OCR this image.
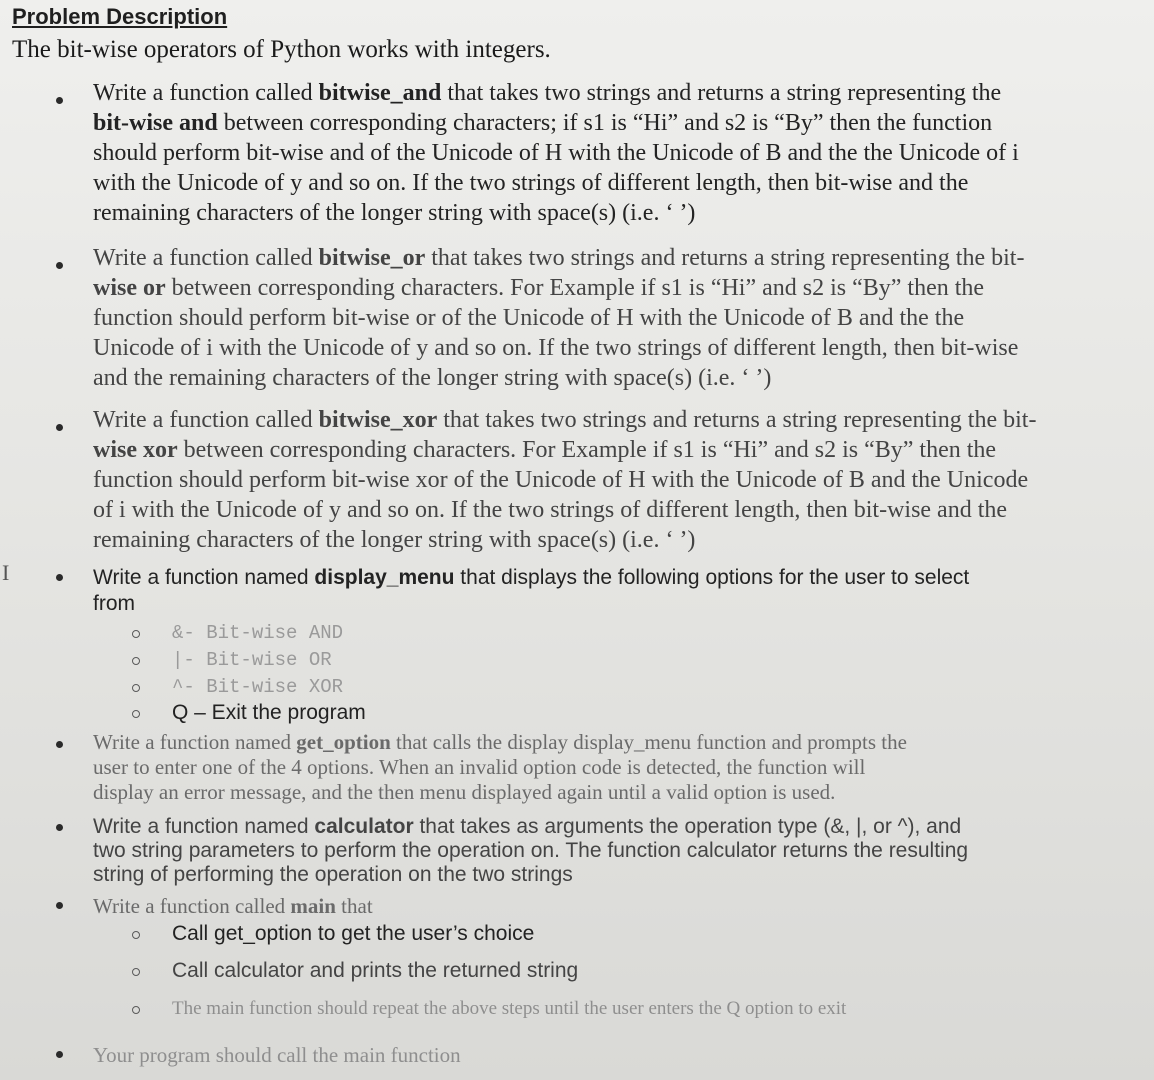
Problem Description
The bit-wise operators of Python works with integers.
I
Write a function called bitwise_and that takes two strings and returns a string representing the
bit-wise and between corresponding characters; if s1 is “Hi” and s2 is “By” then the function
should perform bit-wise and of the Unicode of H with the Unicode of B and the the Unicode of i
with the Unicode of y and so on. If the two strings of different length, then bit-wise and the
remaining characters of the longer string with space(s) (i.e. ‘ ’)
Write a function called bitwise_or that takes two strings and returns a string representing the bit-
wise or between corresponding characters. For Example if s1 is “Hi” and s2 is “By” then the
function should perform bit-wise or of the Unicode of H with the Unicode of B and the the
Unicode of i with the Unicode of y and so on. If the two strings of different length, then bit-wise
and the remaining characters of the longer string with space(s) (i.e. ‘ ’)
Write a function called bitwise_xor that takes two strings and returns a string representing the bit-
wise xor between corresponding characters. For Example if s1 is “Hi” and s2 is “By” then the
function should perform bit-wise xor of the Unicode of H with the Unicode of B and the Unicode
of i with the Unicode of y and so on. If the two strings of different length, then bit-wise and the
remaining characters of the longer string with space(s) (i.e. ‘ ’)
Write a function named display_menu that displays the following options for the user to select
from
&- Bit-wise AND
|- Bit-wise OR
^- Bit-wise XOR
Q – Exit the program
Write a function named get_option that calls the display display_menu function and prompts the
user to enter one of the 4 options. When an invalid option code is detected, the function will
display an error message, and the then menu displayed again until a valid option is used.
Write a function named calculator that takes as arguments the operation type (&, |, or ^), and
two string parameters to perform the operation on. The function calculator returns the resulting
string of performing the operation on the two strings
Write a function called main that
Call get_option to get the user’s choice
Call calculator and prints the returned string
The main function should repeat the above steps until the user enters the Q option to exit
Your program should call the main function
